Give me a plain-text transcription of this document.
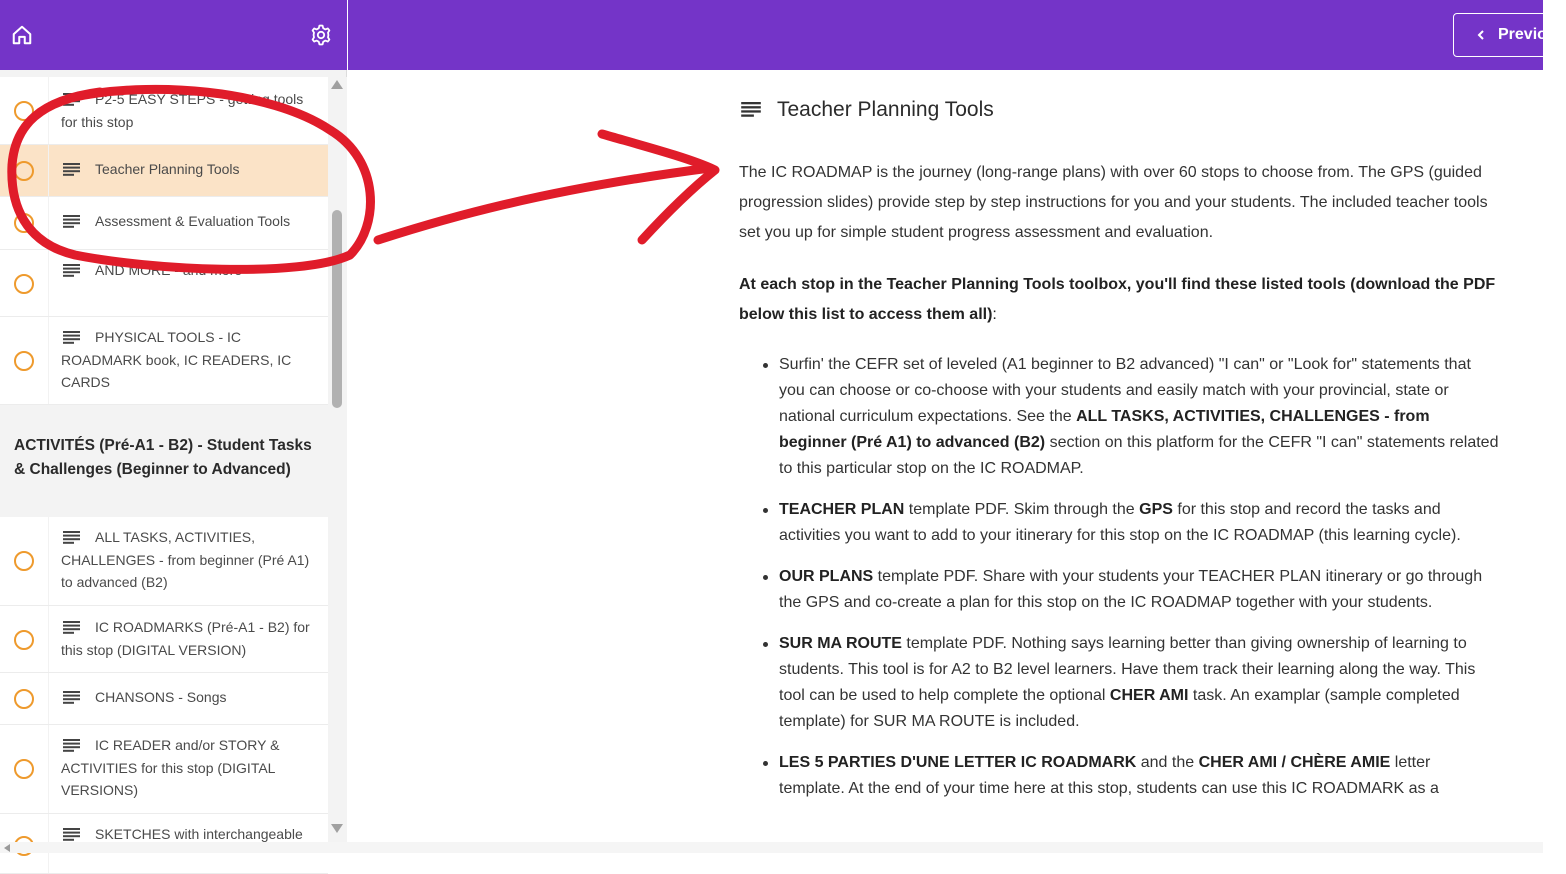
P2-5 EASY STEPS - getting tools for this stop
Teacher Planning Tools
Assessment & Evaluation Tools
AND MORE - and more
PHYSICAL TOOLS - IC ROADMARK book, IC READERS, IC CARDS
ACTIVITÉS (Pré-A1 - B2) - Student Tasks & Challenges (Beginner to Advanced)
ALL TASKS, ACTIVITIES, CHALLENGES - from beginner (Pré A1) to advanced (B2)
IC ROADMARKS (Pré-A1 - B2) for this stop (DIGITAL VERSION)
CHANSONS - Songs
IC READER and/or STORY & ACTIVITIES for this stop (DIGITAL VERSIONS)
SKETCHES with interchangeable
Previous
Teacher Planning Tools

The IC ROADMAP is the journey (long-range plans) with over 60 stops to choose from. The GPS (guided progression slides) provide step by step instructions for you and your students. The included teacher tools set you up for simple student progress assessment and evaluation.

At each stop in the Teacher Planning Tools toolbox, you'll find these listed tools (download the PDF below this list to access them all):

Surfin' the CEFR set of leveled (A1 beginner to B2 advanced) "I can" or "Look for" statements that you can choose or co-choose with your students and easily match with your provincial, state or national curriculum expectations. See the ALL TASKS, ACTIVITIES, CHALLENGES - from beginner (Pré A1) to advanced (B2) section on this platform for the CEFR "I can" statements related to this particular stop on the IC ROADMAP.
TEACHER PLAN template PDF. Skim through the GPS for this stop and record the tasks and activities you want to add to your itinerary for this stop on the IC ROADMAP (this learning cycle).
OUR PLANS template PDF. Share with your students your TEACHER PLAN itinerary or go through the GPS and co-create a plan for this stop on the IC ROADMAP together with your students.
SUR MA ROUTE template PDF. Nothing says learning better than giving ownership of learning to students. This tool is for A2 to B2 level learners. Have them track their learning along the way. This tool can be used to help complete the optional CHER AMI task. An examplar (sample completed template) for SUR MA ROUTE is included.
LES 5 PARTIES D'UNE LETTER IC ROADMARK and the CHER AMI / CHÈRE AMIE letter template. At the end of your time here at this stop, students can use this IC ROADMARK as a
